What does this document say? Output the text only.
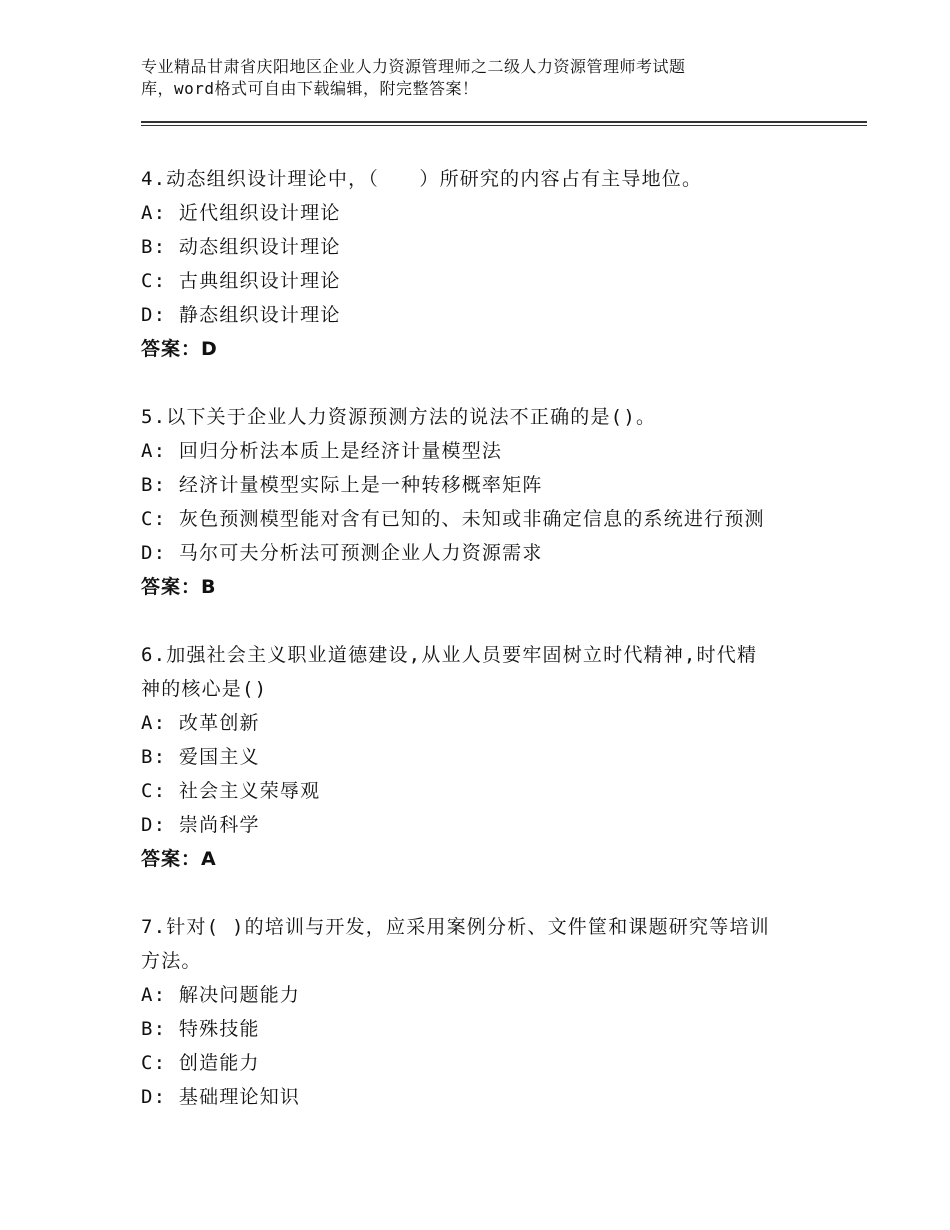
专业精品甘肃省庆阳地区企业人力资源管理师之二级人力资源管理师考试题
库，word格式可自由下载编辑，附完整答案！
4.动态组织设计理论中，（　　）所研究的内容占有主导地位。
A: 近代组织设计理论
B: 动态组织设计理论
C: 古典组织设计理论
D: 静态组织设计理论
答案：D
5.以下关于企业人力资源预测方法的说法不正确的是()。
A: 回归分析法本质上是经济计量模型法
B: 经济计量模型实际上是一种转移概率矩阵
C: 灰色预测模型能对含有已知的、未知或非确定信息的系统进行预测
D: 马尔可夫分析法可预测企业人力资源需求
答案：B
6.加强社会主义职业道德建设,从业人员要牢固树立时代精神,时代精
神的核心是()
A: 改革创新
B: 爱国主义
C: 社会主义荣辱观
D: 崇尚科学
答案：A
7.针对( )的培训与开发，应采用案例分析、文件筐和课题研究等培训
方法。
A: 解决问题能力
B: 特殊技能
C: 创造能力
D: 基础理论知识
